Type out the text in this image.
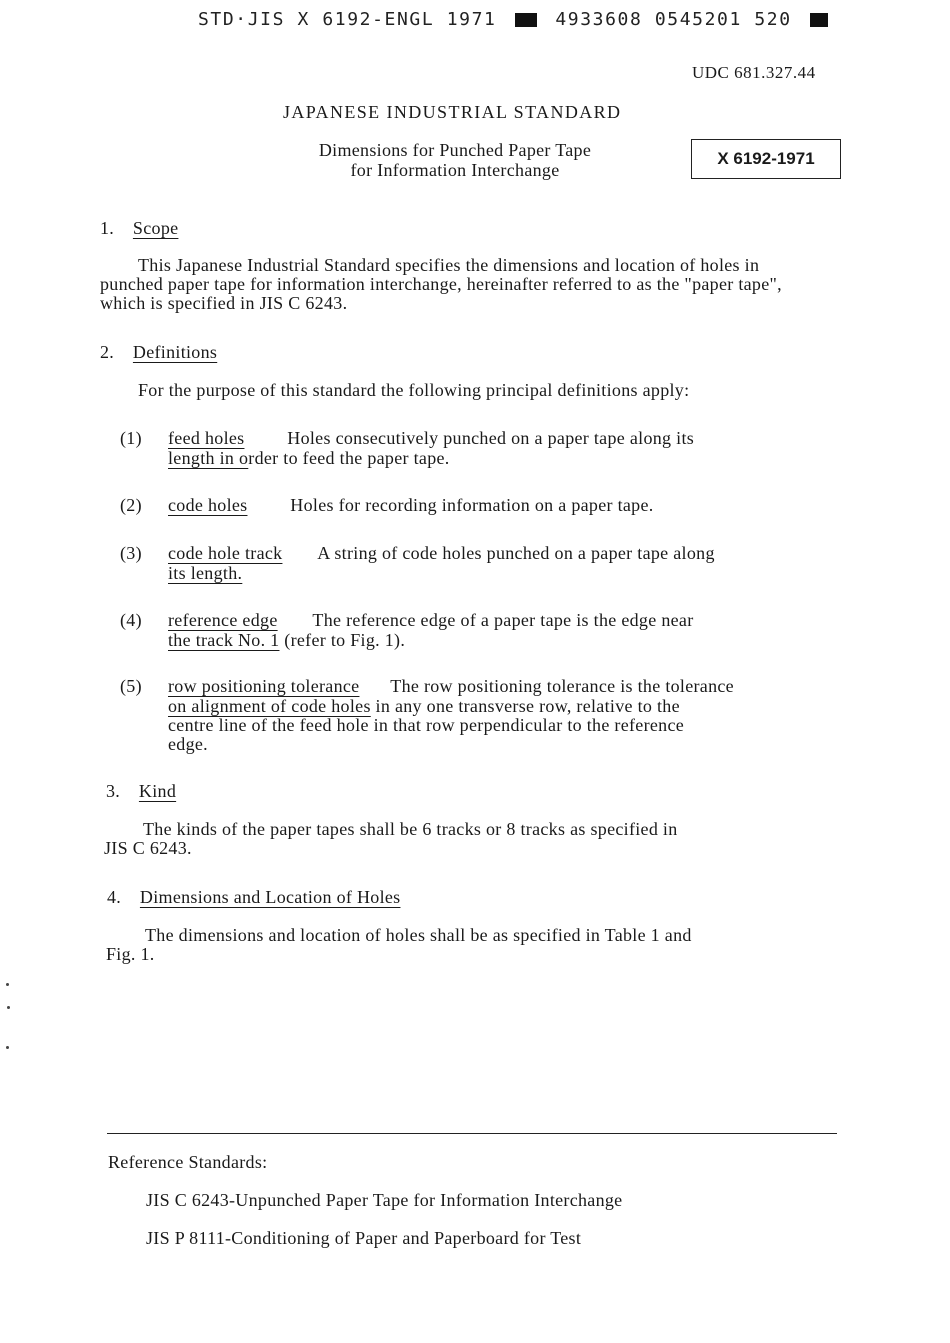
STD·JIS X 6192-ENGL 1971	4933608 0545201 520
UDC 681.327.44
JAPANESE INDUSTRIAL STANDARD
Dimensions for Punched Paper Tape
for Information Interchange
X 6192-1971
1. Scope
This Japanese Industrial Standard specifies the dimensions and location of holes in punched paper tape for information interchange, hereinafter referred to as the "paper tape", which is specified in JIS C 6243.
2. Definitions
For the purpose of this standard the following principal definitions apply:
(1) feed holes Holes consecutively punched on a paper tape along its
length in order to feed the paper tape.
(2) code holes Holes for recording information on a paper tape.
(3) code hole track A string of code holes punched on a paper tape along
its length.
(4) reference edge The reference edge of a paper tape is the edge near
the track No. 1 (refer to Fig. 1).
(5) row positioning tolerance The row positioning tolerance is the tolerance
on alignment of code holes in any one transverse row, relative to the
centre line of the feed hole in that row perpendicular to the reference
edge.
3. Kind
The kinds of the paper tapes shall be 6 tracks or 8 tracks as specified in
JIS C 6243.
4. Dimensions and Location of Holes
The dimensions and location of holes shall be as specified in Table 1 and
Fig. 1.
Reference Standards:
JIS C 6243-Unpunched Paper Tape for Information Interchange
JIS P 8111-Conditioning of Paper and Paperboard for Test
